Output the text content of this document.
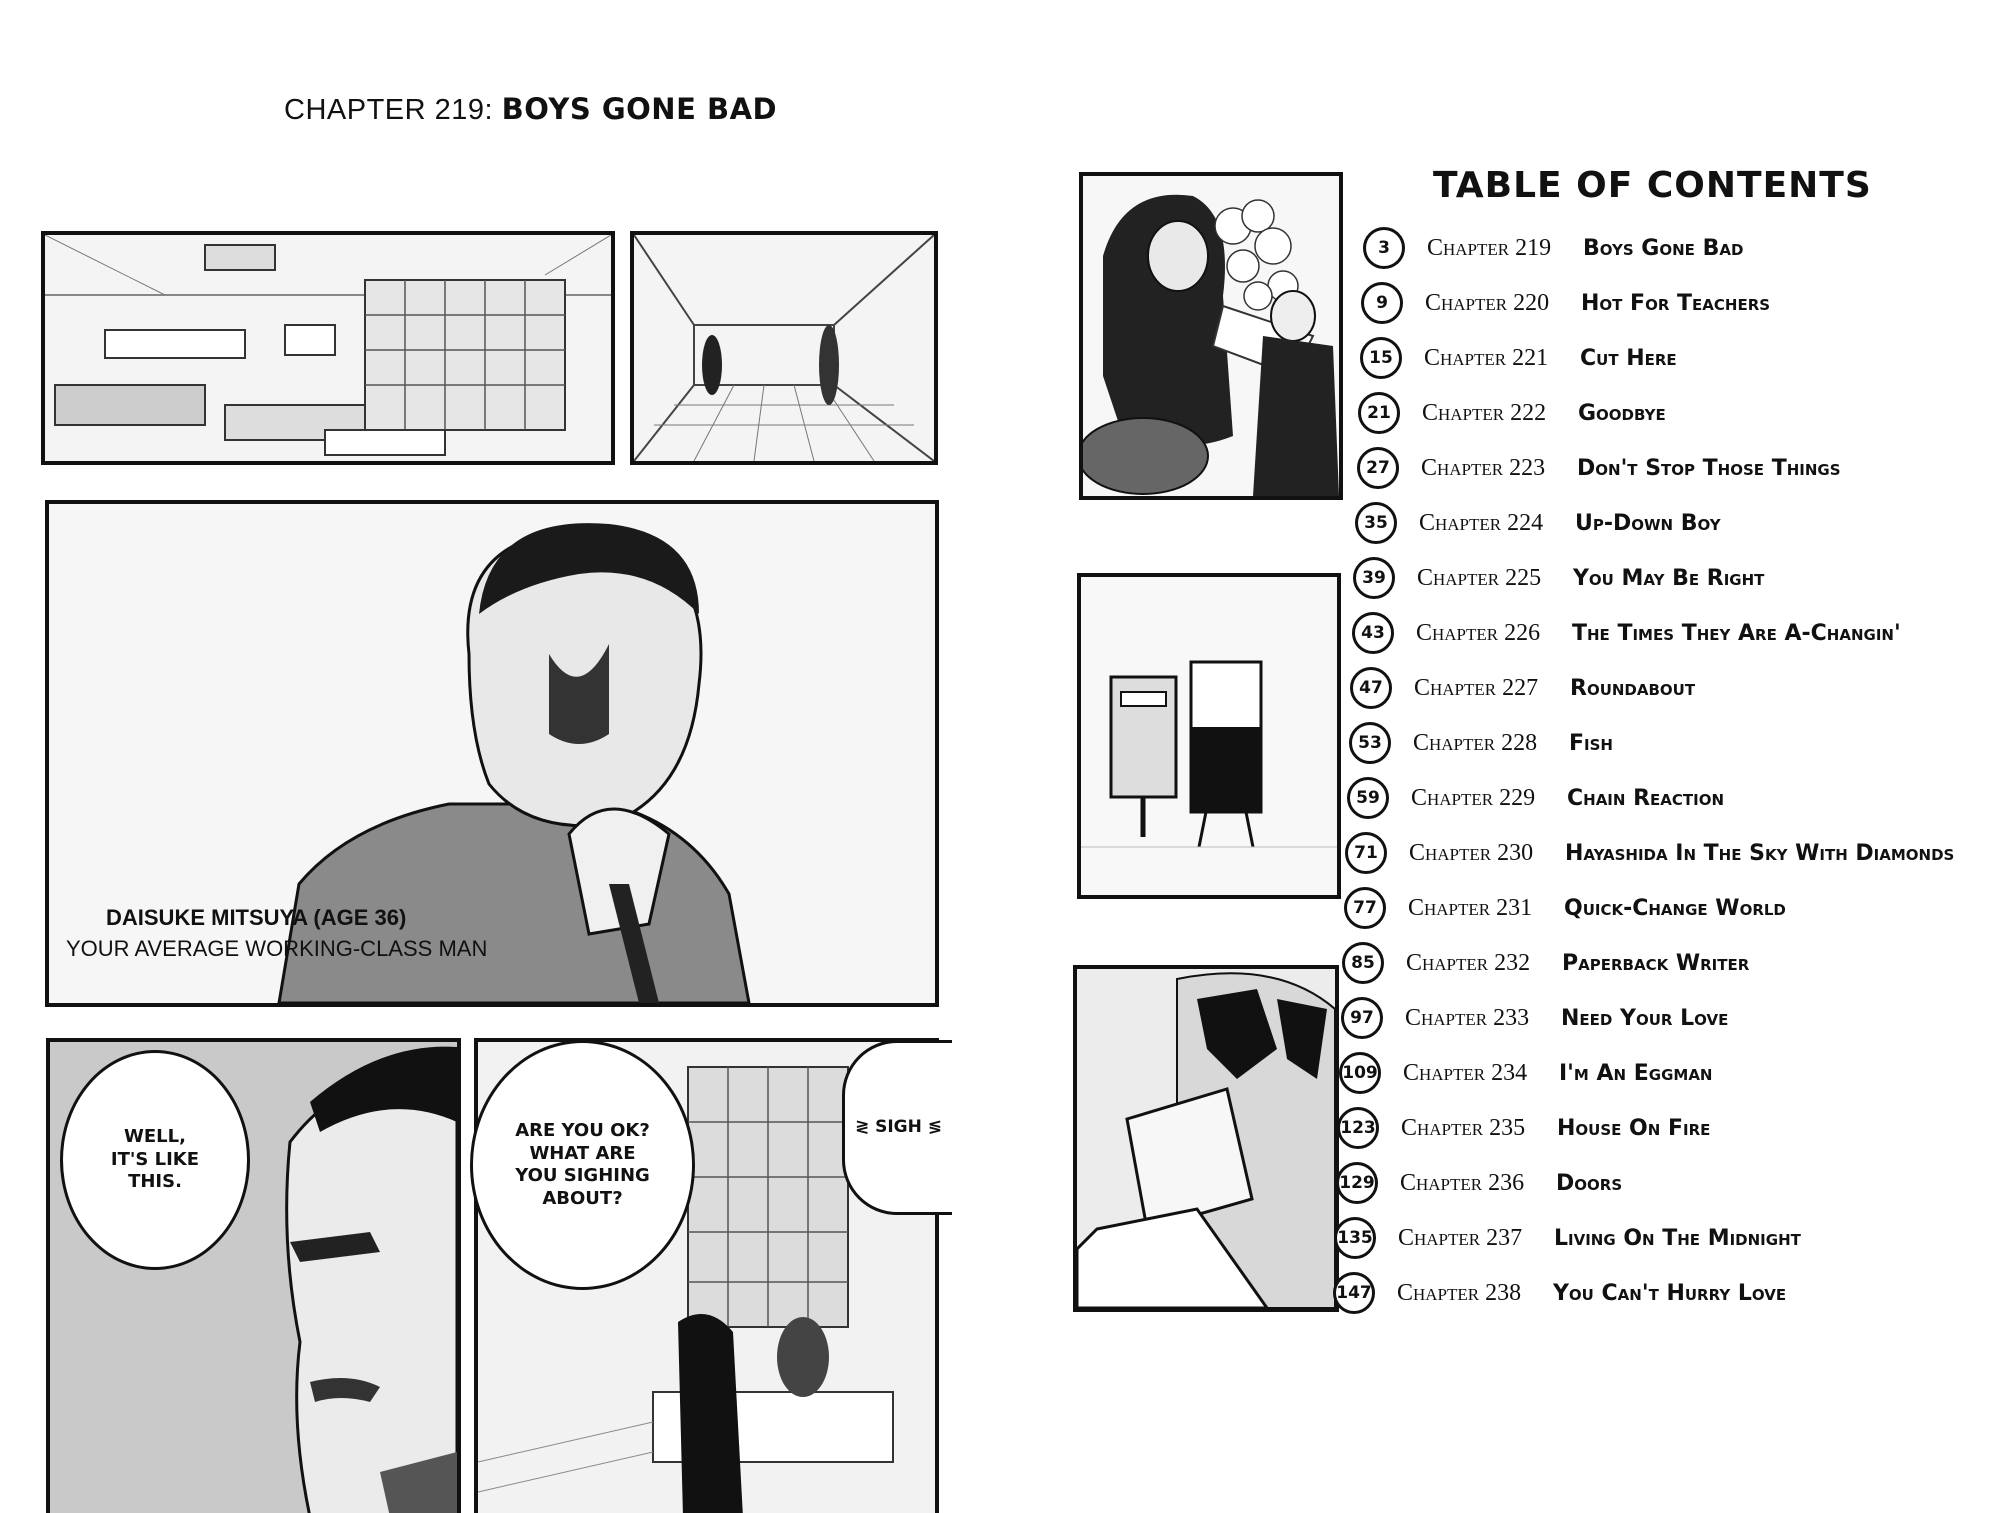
CHAPTER 219: BOYS GONE BAD
DAISUKE MITSUYA (AGE 36)
YOUR AVERAGE WORKING-CLASS MAN
WELL, IT'S LIKE THIS.
ARE YOU OK? WHAT ARE YOU SIGHING ABOUT?
≷ SIGH ≶
TABLE OF CONTENTS
3	Chapter 219	Boys Gone Bad
9	Chapter 220	Hot For Teachers
15	Chapter 221	Cut Here
21	Chapter 222	Goodbye
27	Chapter 223	Don't Stop Those Things
35	Chapter 224	Up-Down Boy
39	Chapter 225	You May Be Right
43	Chapter 226	The Times They Are A-Changin'
47	Chapter 227	Roundabout
53	Chapter 228	Fish
59	Chapter 229	Chain Reaction
71	Chapter 230	Hayashida In The Sky With Diamonds
77	Chapter 231	Quick-Change World
85	Chapter 232	Paperback Writer
97	Chapter 233	Need Your Love
109 Chapter 234	I'm An Eggman
123 Chapter 235	House On Fire
129 Chapter 236	Doors
135 Chapter 237	Living On The Midnight
147 Chapter 238	You Can't Hurry Love
